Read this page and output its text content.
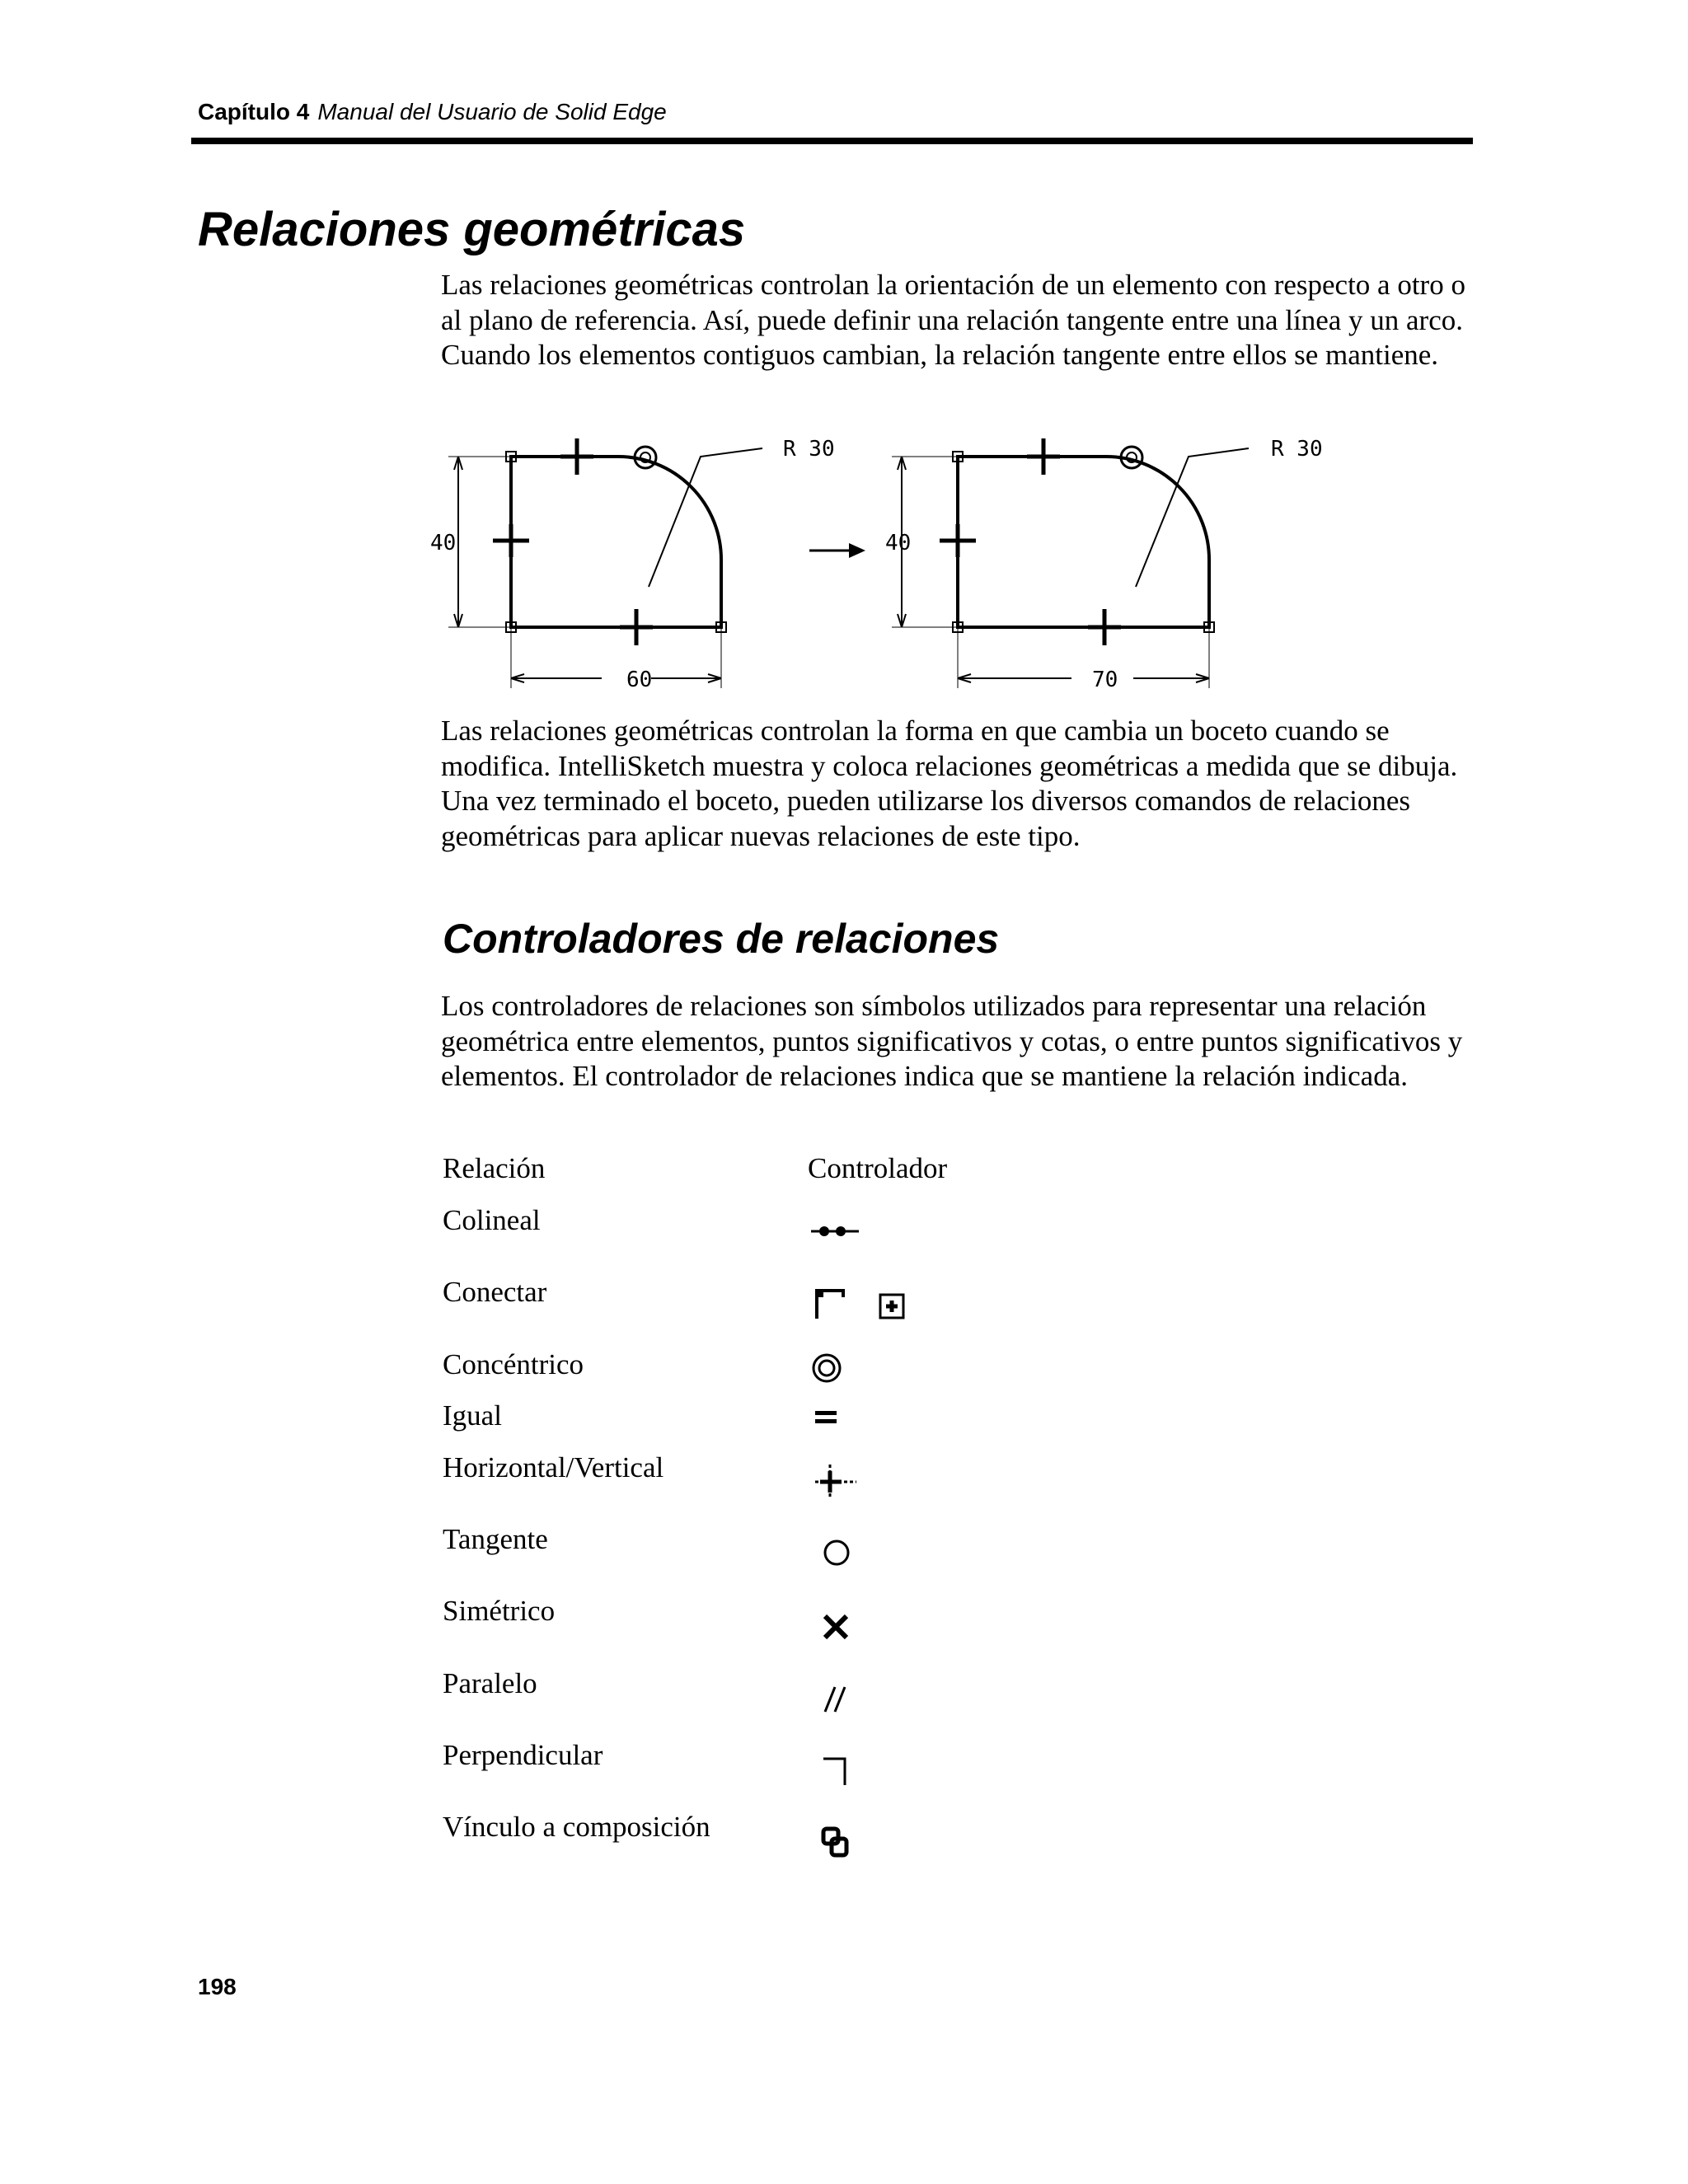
Capítulo 4 Manual del Usuario de Solid Edge
Relaciones geométricas

Las relaciones geométricas controlan la orientación de un elemento con respecto a otro o al plano de referencia. Así, puede definir una relación tangente entre una línea y un arco. Cuando los elementos contiguos cambian, la relación tangente entre ellos se mantiene.

R 30
40
60
R 30
40
70

Las relaciones geométricas controlan la forma en que cambia un boceto cuando se modifica. IntelliSketch muestra y coloca relaciones geométricas a medida que se dibuja. Una vez terminado el boceto, pueden utilizarse los diversos comandos de relaciones geométricas para aplicar nuevas relaciones de este tipo.

Controladores de relaciones

Los controladores de relaciones son símbolos utilizados para representar una relación geométrica entre elementos, puntos significativos y cotas, o entre puntos significativos y elementos. El controlador de relaciones indica que se mantiene la relación indicada.

Relación	Controlador
Colineal
Conectar
Concéntrico
Igual
Horizontal/Vertical
Tangente
Simétrico
Paralelo
Perpendicular
Vínculo a composición
198
